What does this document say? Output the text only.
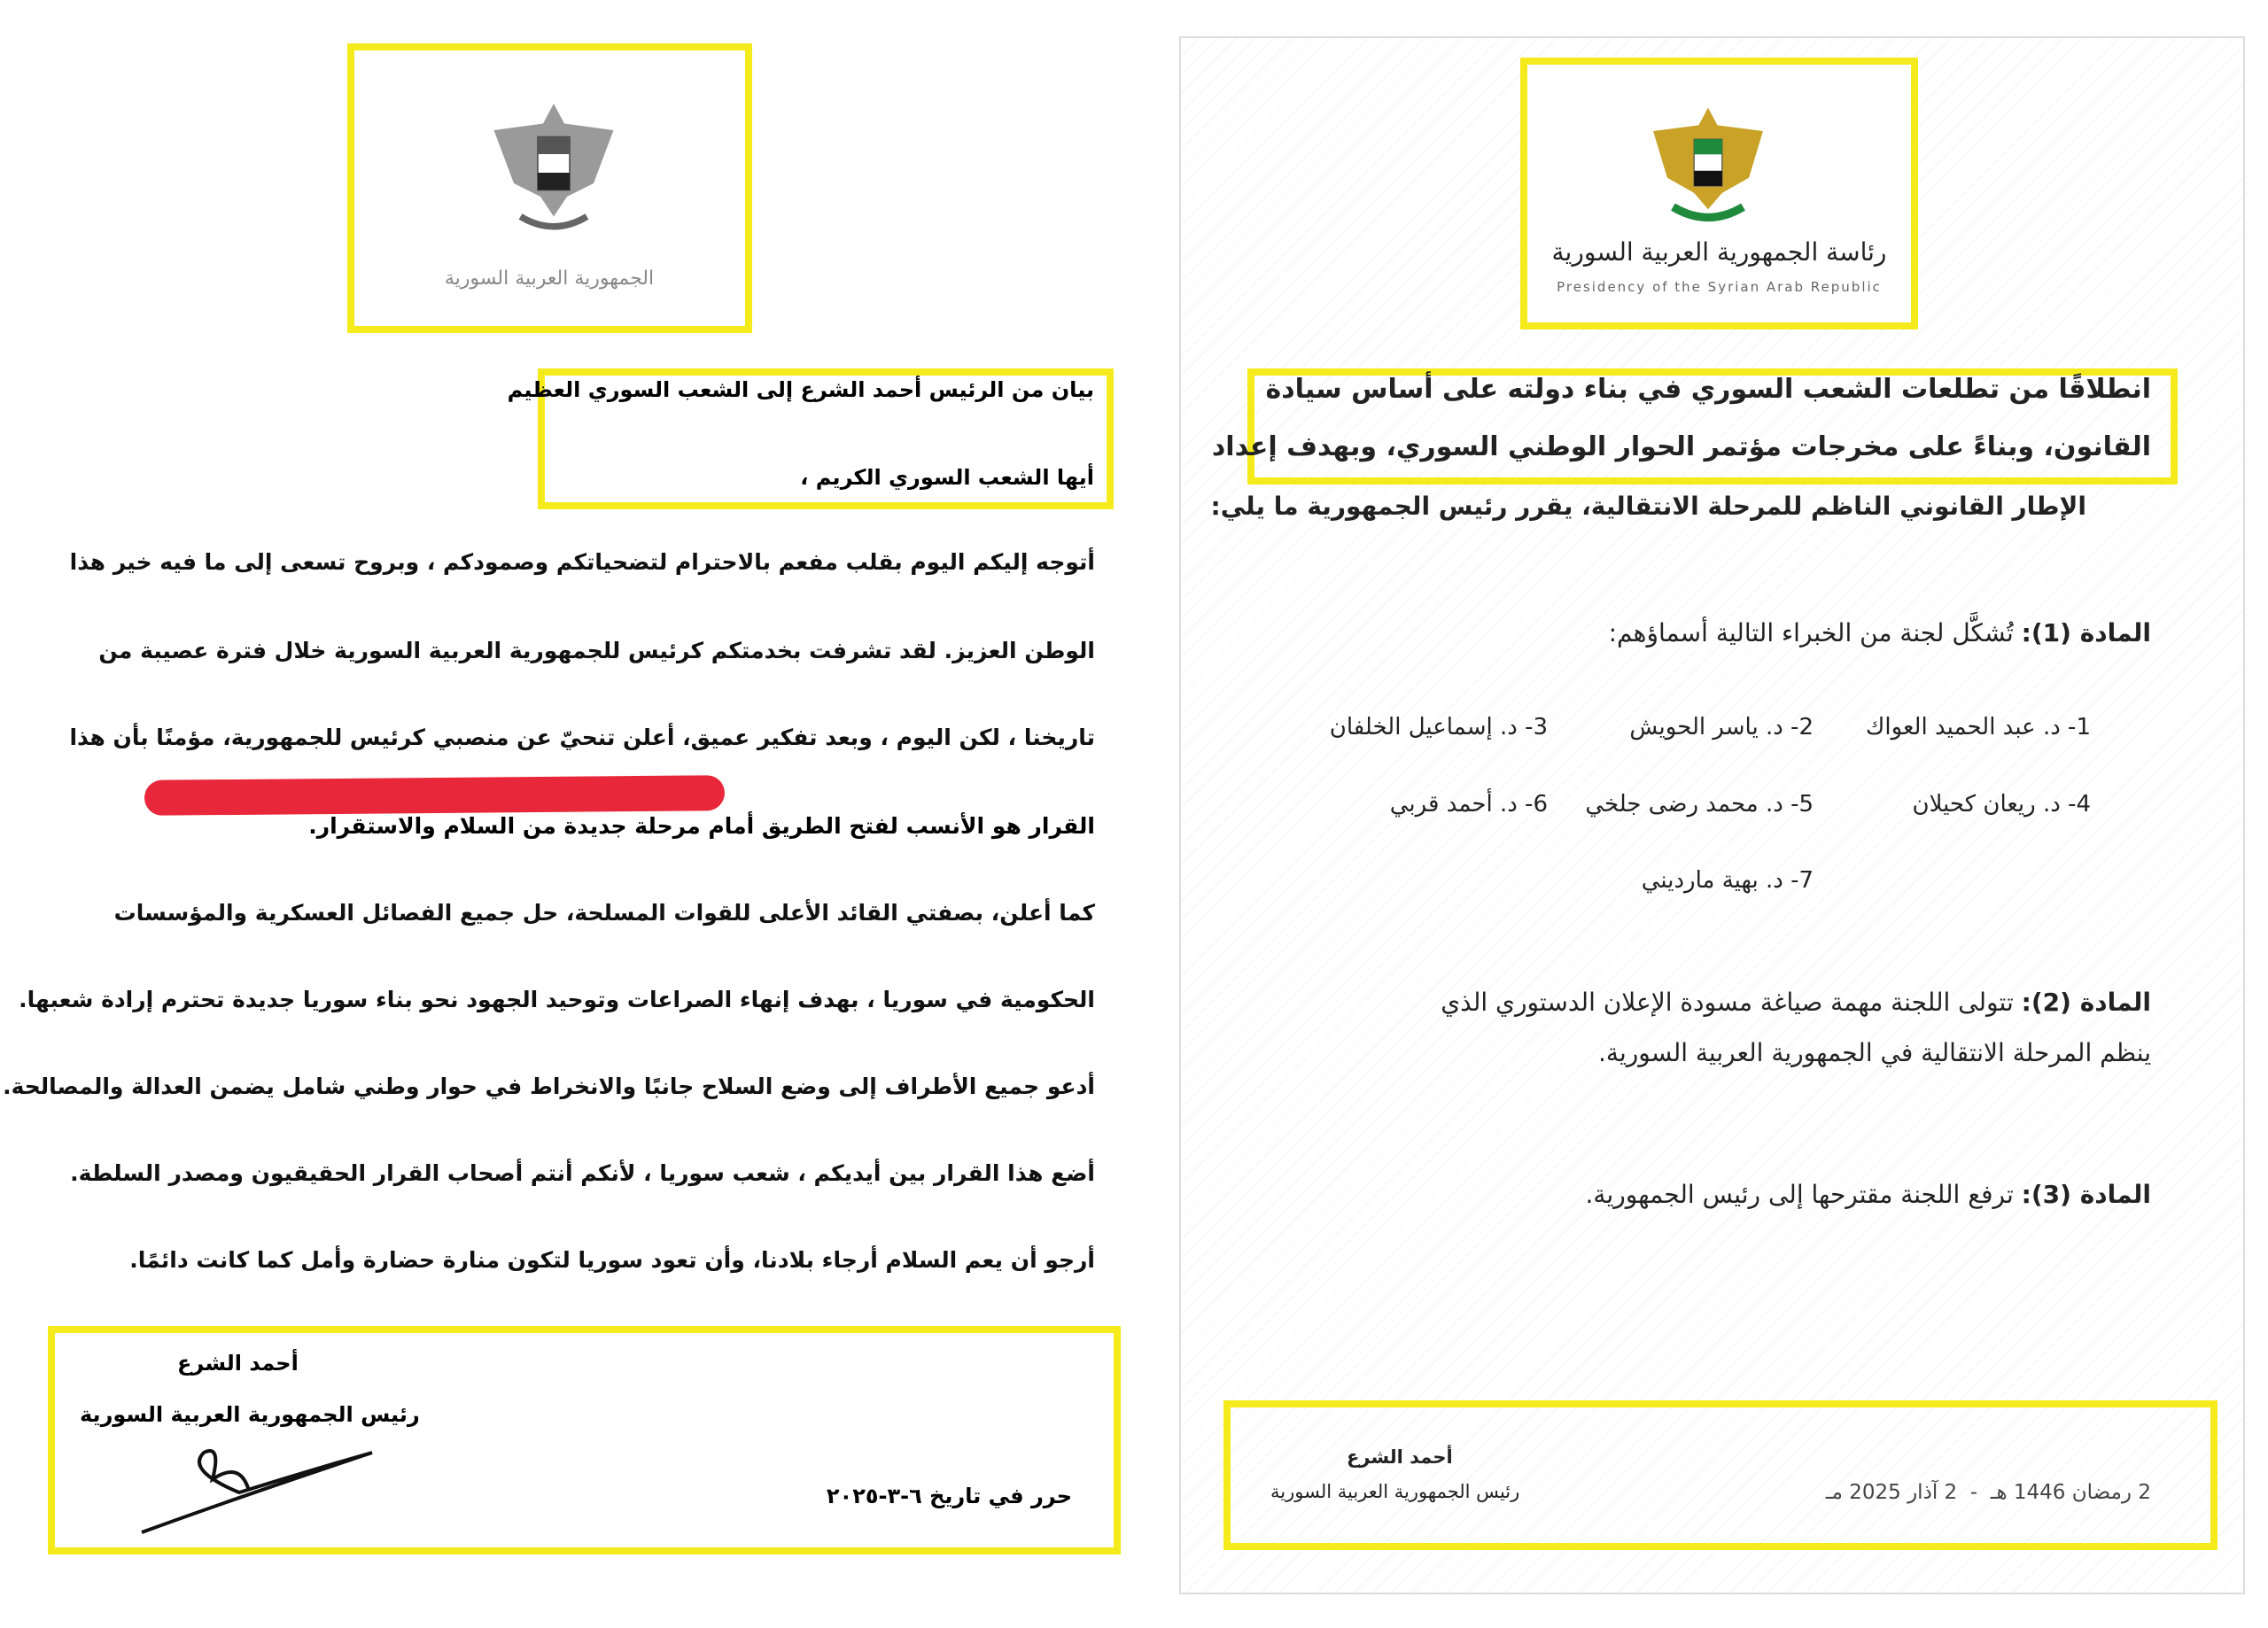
الجمهورية العربية السورية
بيان من الرئيس أحمد الشرع إلى الشعب السوري العظيم
أيها الشعب السوري الكريم ،
أتوجه إليكم اليوم بقلب مفعم بالاحترام لتضحياتكم وصمودكم ، وبروح تسعى إلى ما فيه خير هذا
الوطن العزيز. لقد تشرفت بخدمتكم كرئيس للجمهورية العربية السورية خلال فترة عصيبة من
تاريخنا ، لكن اليوم ، وبعد تفكير عميق، أعلن تنحيّ عن منصبي كرئيس للجمهورية، مؤمنًا بأن هذا
القرار هو الأنسب لفتح الطريق أمام مرحلة جديدة من السلام والاستقرار.
كما أعلن، بصفتي القائد الأعلى للقوات المسلحة، حل جميع الفصائل العسكرية والمؤسسات
الحكومية في سوريا ، بهدف إنهاء الصراعات وتوحيد الجهود نحو بناء سوريا جديدة تحترم إرادة شعبها.
أدعو جميع الأطراف إلى وضع السلاح جانبًا والانخراط في حوار وطني شامل يضمن العدالة والمصالحة.
أضع هذا القرار بين أيديكم ، شعب سوريا ، لأنكم أنتم أصحاب القرار الحقيقيون ومصدر السلطة.
أرجو أن يعم السلام أرجاء بلادنا، وأن تعود سوريا لتكون منارة حضارة وأمل كما كانت دائمًا.
أحمد الشرع
رئيس الجمهورية العربية السورية
حرر في تاريخ ٦-٣-٢٠٢٥
رئاسة الجمهورية العربية السورية
Presidency of the Syrian Arab Republic
انطلاقًا من تطلعات الشعب السوري في بناء دولته على أساس سيادة
القانون، وبناءً على مخرجات مؤتمر الحوار الوطني السوري، وبهدف إعداد
الإطار القانوني الناظم للمرحلة الانتقالية، يقرر رئيس الجمهورية ما يلي:
المادة (1): تُشكَّل لجنة من الخبراء التالية أسماؤهم:
1- د. عبد الحميد العواك
2- د. ياسر الحويش
3- د. إسماعيل الخلفان
4- د. ريعان كحيلان
5- د. محمد رضى جلخي
6- د. أحمد قربي
7- د. بهية مارديني
المادة (2): تتولى اللجنة مهمة صياغة مسودة الإعلان الدستوري الذي
ينظم المرحلة الانتقالية في الجمهورية العربية السورية.
المادة (3): ترفع اللجنة مقترحها إلى رئيس الجمهورية.
أحمد الشرع
رئيس الجمهورية العربية السورية	2 رمضان 1446 هـ  -  2 آذار 2025 مـ
